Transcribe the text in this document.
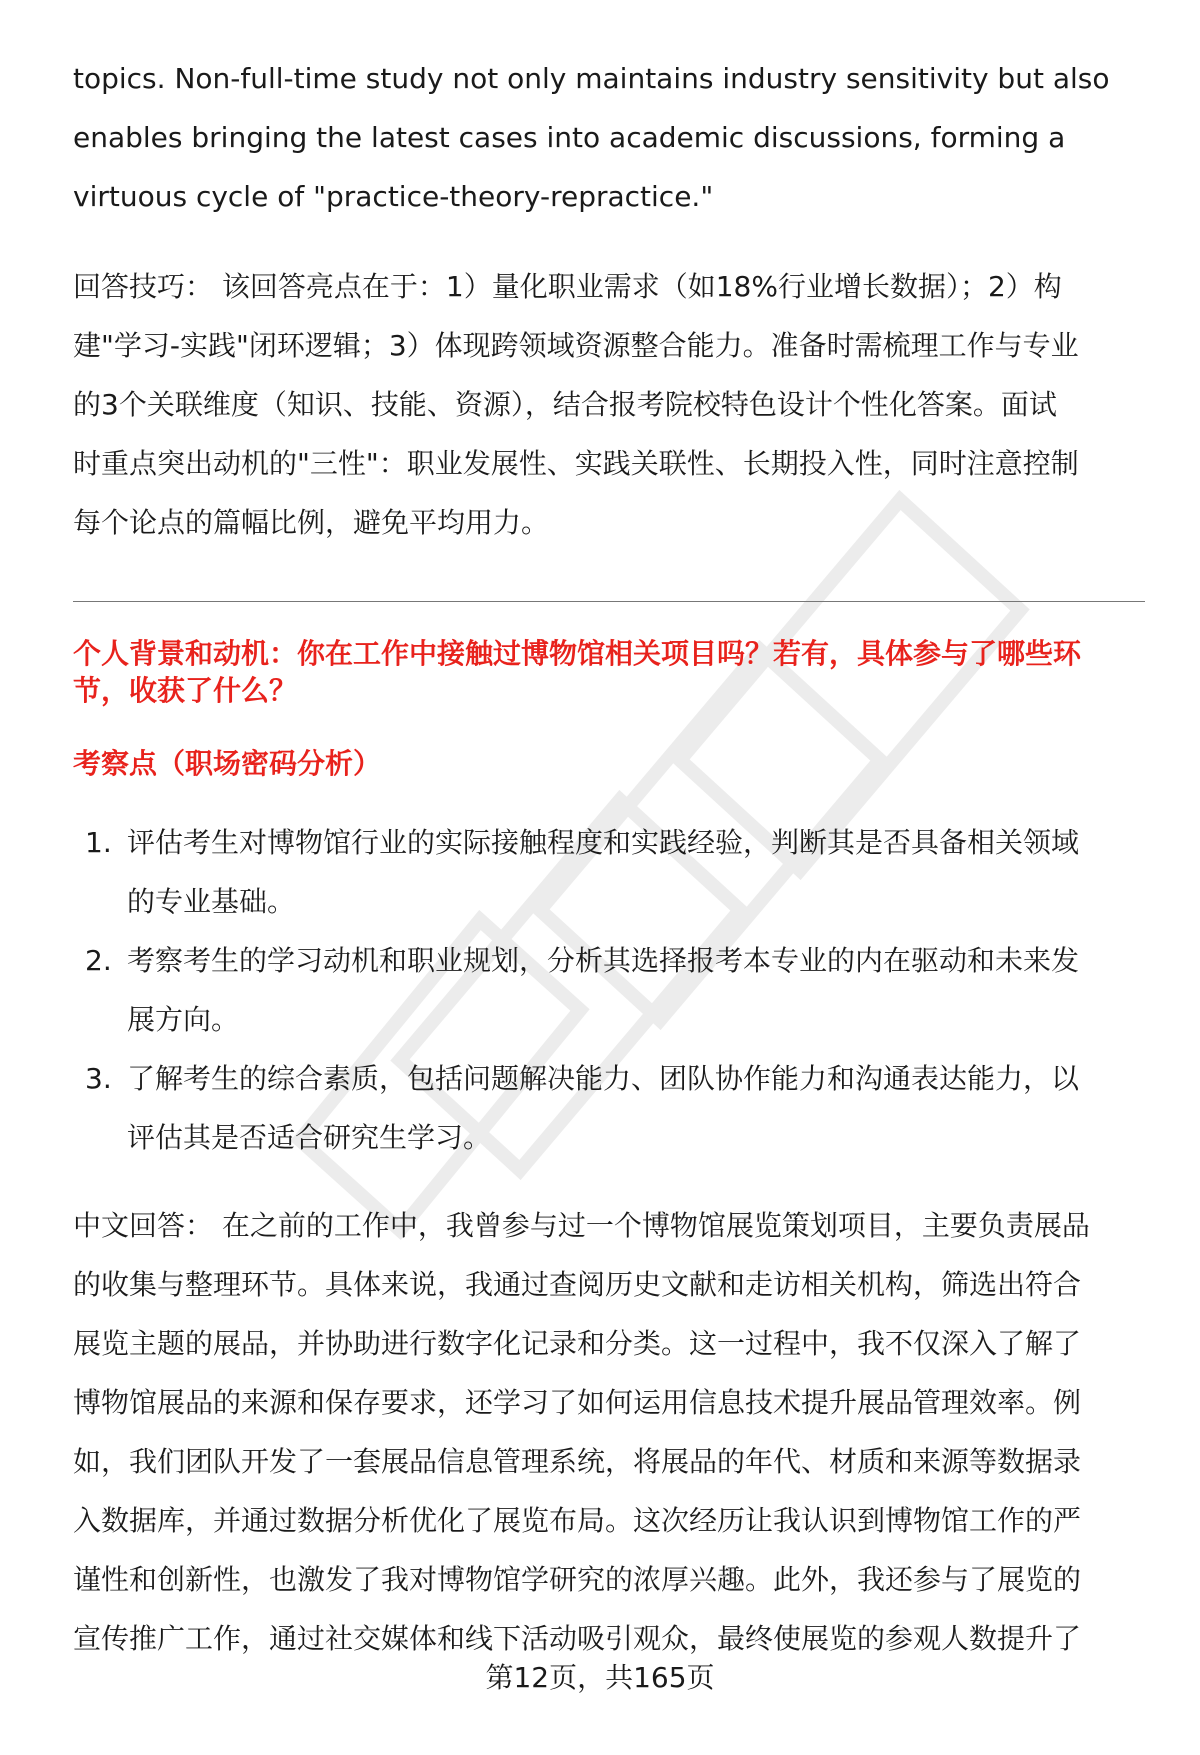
topics. Non-full-time study not only maintains industry sensitivity but also
enables bringing the latest cases into academic discussions, forming a
virtuous cycle of "practice-theory-repractice."
回答技巧： 该回答亮点在于：1）量化职业需求（如18%行业增长数据）；2）构
建"学习-实践"闭环逻辑；3）体现跨领域资源整合能力。准备时需梳理工作与专业
的3个关联维度（知识、技能、资源），结合报考院校特色设计个性化答案。面试
时重点突出动机的"三性"：职业发展性、实践关联性、长期投入性，同时注意控制
每个论点的篇幅比例，避免平均用力。
个人背景和动机：你在工作中接触过博物馆相关项目吗？若有，具体参与了哪些环
节，收获了什么？
考察点（职场密码分析）
1. 评估考生对博物馆行业的实际接触程度和实践经验，判断其是否具备相关领域
的专业基础。
2. 考察考生的学习动机和职业规划，分析其选择报考本专业的内在驱动和未来发
展方向。
3. 了解考生的综合素质，包括问题解决能力、团队协作能力和沟通表达能力，以
评估其是否适合研究生学习。
中文回答： 在之前的工作中，我曾参与过一个博物馆展览策划项目，主要负责展品
的收集与整理环节。具体来说，我通过查阅历史文献和走访相关机构，筛选出符合
展览主题的展品，并协助进行数字化记录和分类。这一过程中，我不仅深入了解了
博物馆展品的来源和保存要求，还学习了如何运用信息技术提升展品管理效率。例
如，我们团队开发了一套展品信息管理系统，将展品的年代、材质和来源等数据录
入数据库，并通过数据分析优化了展览布局。这次经历让我认识到博物馆工作的严
谨性和创新性，也激发了我对博物馆学研究的浓厚兴趣。此外，我还参与了展览的
宣传推广工作，通过社交媒体和线下活动吸引观众，最终使展览的参观人数提升了
第12页，共165页
